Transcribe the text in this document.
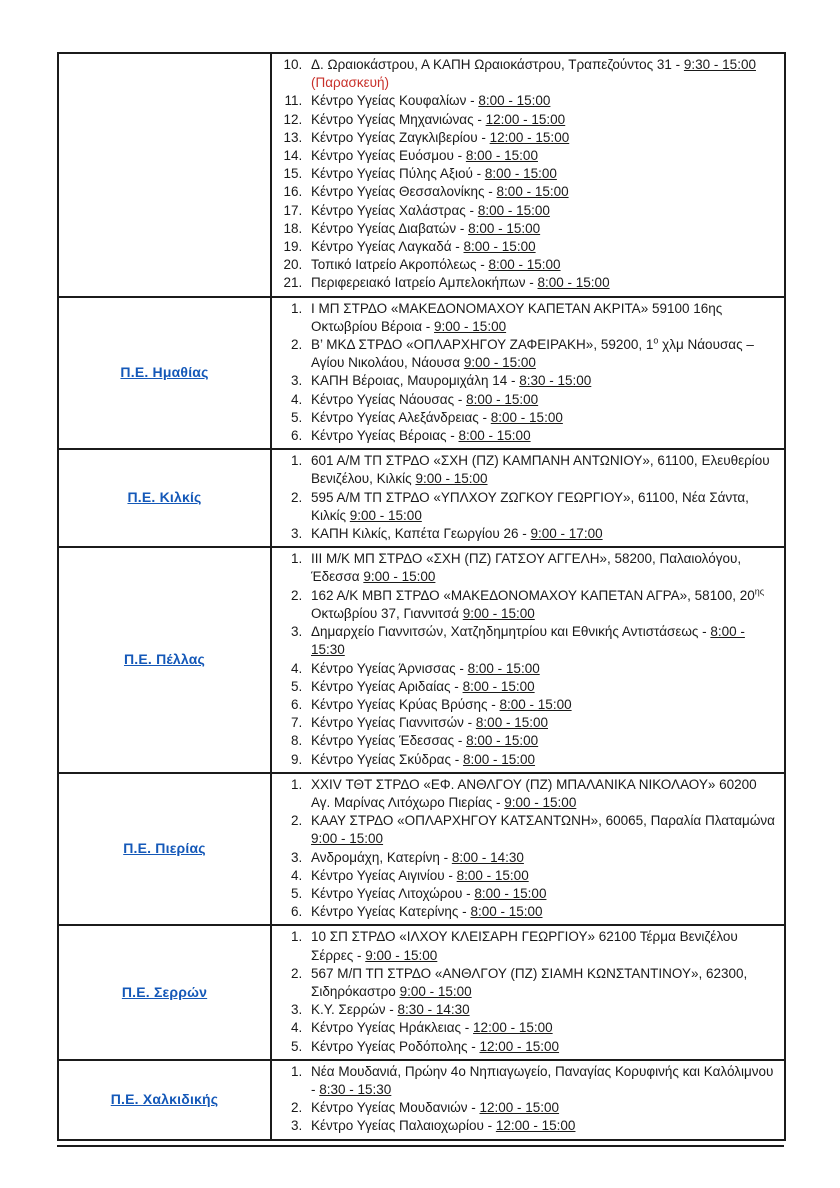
10. Δ. Ωραιοκάστρου, Α ΚΑΠΗ Ωραιοκάστρου, Τραπεζούντος 31 - 9:30 - 15:00 (Παρασκευή)
11. Κέντρο Υγείας Κουφαλίων - 8:00 - 15:00
12. Κέντρο Υγείας Μηχανιώνας - 12:00 - 15:00
13. Κέντρο Υγείας Ζαγκλιβερίου - 12:00 - 15:00
14. Κέντρο Υγείας Ευόσμου - 8:00 - 15:00
15. Κέντρο Υγείας Πύλης Αξιού - 8:00 - 15:00
16. Κέντρο Υγείας Θεσσαλονίκης - 8:00 - 15:00
17. Κέντρο Υγείας Χαλάστρας - 8:00 - 15:00
18. Κέντρο Υγείας Διαβατών - 8:00 - 15:00
19. Κέντρο Υγείας Λαγκαδά - 8:00 - 15:00
20. Τοπικό Ιατρείο Ακροπόλεως - 8:00 - 15:00
21. Περιφερειακό Ιατρείο Αμπελοκήπων - 8:00 - 15:00

Π.Ε. Ημαθίας	
1. Ι ΜΠ ΣΤΡΔΟ «ΜΑΚΕΔΟΝΟΜΑΧΟΥ ΚΑΠΕΤΑΝ ΑΚΡΙΤΑ» 59100 16ης Οκτωβρίου Βέροια - 9:00 - 15:00
2. Β’ ΜΚΔ ΣΤΡΔΟ «ΟΠΛΑΡΧΗΓΟΥ ΖΑΦΕΙΡΑΚΗ», 59200, $1^o$ χλμ Νάουσας – Αγίου Νικολάου, Νάουσα 9:00 - 15:00
3. ΚΑΠΗ Βέροιας, Μαυρομιχάλη 14 - 8:30 - 15:00
4. Κέντρο Υγείας Νάουσας - 8:00 - 15:00
5. Κέντρο Υγείας Αλεξάνδρειας - 8:00 - 15:00
6. Κέντρο Υγείας Βέροιας - 8:00 - 15:00

Π.Ε. Κιλκίς	
1. 601 Α/Μ ΤΠ ΣΤΡΔΟ «ΣΧΗ (ΠΖ) ΚΑΜΠΑΝΗ ΑΝΤΩΝΙΟΥ», 61100, Ελευθερίου Βενιζέλου, Κιλκίς 9:00 - 15:00
2. 595 Α/Μ ΤΠ ΣΤΡΔΟ «ΥΠΛΧΟΥ ΖΩΓΚΟΥ ΓΕΩΡΓΙΟΥ», 61100, Νέα Σάντα, Κιλκίς 9:00 - 15:00
3. ΚΑΠΗ Κιλκίς, Καπέτα Γεωργίου 26 - 9:00 - 17:00

Π.Ε. Πέλλας	
1. ΙΙΙ Μ/Κ ΜΠ ΣΤΡΔΟ «ΣΧΗ (ΠΖ) ΓΑΤΣΟΥ ΑΓΓΕΛΗ», 58200, Παλαιολόγου, Έδεσσα 9:00 - 15:00
2. 162 Α/Κ ΜΒΠ ΣΤΡΔΟ «ΜΑΚΕΔΟΝΟΜΑΧΟΥ ΚΑΠΕΤΑΝ ΑΓΡΑ», 58100, $20^{\eta\varsigma}$ Οκτωβρίου 37, Γιαννιτσά 9:00 - 15:00
3. Δημαρχείο Γιαννιτσών, Χατζηδημητρίου και Εθνικής Αντιστάσεως - 8:00 - 15:30
4. Κέντρο Υγείας Άρνισσας - 8:00 - 15:00
5. Κέντρο Υγείας Αριδαίας - 8:00 - 15:00
6. Κέντρο Υγείας Κρύας Βρύσης - 8:00 - 15:00
7. Κέντρο Υγείας Γιαννιτσών - 8:00 - 15:00
8. Κέντρο Υγείας Έδεσσας - 8:00 - 15:00
9. Κέντρο Υγείας Σκύδρας - 8:00 - 15:00

Π.Ε. Πιερίας	
1. XXIV ΤΘΤ ΣΤΡΔΟ «ΕΦ. ΑΝΘΛΓΟΥ (ΠΖ) ΜΠΑΛΑΝΙΚΑ ΝΙΚΟΛΑΟΥ» 60200 Αγ. Μαρίνας Λιτόχωρο Πιερίας - 9:00 - 15:00
2. ΚΑΑΥ ΣΤΡΔΟ «ΟΠΛΑΡΧΗΓΟΥ ΚΑΤΣΑΝΤΩΝΗ», 60065, Παραλία Πλαταμώνα 9:00 - 15:00
3. Ανδρομάχη, Κατερίνη - 8:00 - 14:30
4. Κέντρο Υγείας Αιγινίου - 8:00 - 15:00
5. Κέντρο Υγείας Λιτοχώρου - 8:00 - 15:00
6. Κέντρο Υγείας Κατερίνης - 8:00 - 15:00

Π.Ε. Σερρών	
1. 10 ΣΠ ΣΤΡΔΟ «ΙΛΧΟΥ ΚΛΕΙΣΑΡΗ ΓΕΩΡΓΙΟΥ» 62100 Τέρμα Βενιζέλου Σέρρες - 9:00 - 15:00
2. 567 Μ/Π ΤΠ ΣΤΡΔΟ «ΑΝΘΛΓΟΥ (ΠΖ) ΣΙΑΜΗ ΚΩΝΣΤΑΝΤΙΝΟΥ», 62300, Σιδηρόκαστρο 9:00 - 15:00
3. Κ.Υ. Σερρών - 8:30 - 14:30
4. Κέντρο Υγείας Ηράκλειας - 12:00 - 15:00
5. Κέντρο Υγείας Ροδόπολης - 12:00 - 15:00

Π.Ε. Χαλκιδικής	
1. Νέα Μουδανιά, Πρώην 4ο Νηπιαγωγείο, Παναγίας Κορυφινής και Καλόλιμνου - 8:30 - 15:30
2. Κέντρο Υγείας Μουδανιών - 12:00 - 15:00
3. Κέντρο Υγείας Παλαιοχωρίου - 12:00 - 15:00
